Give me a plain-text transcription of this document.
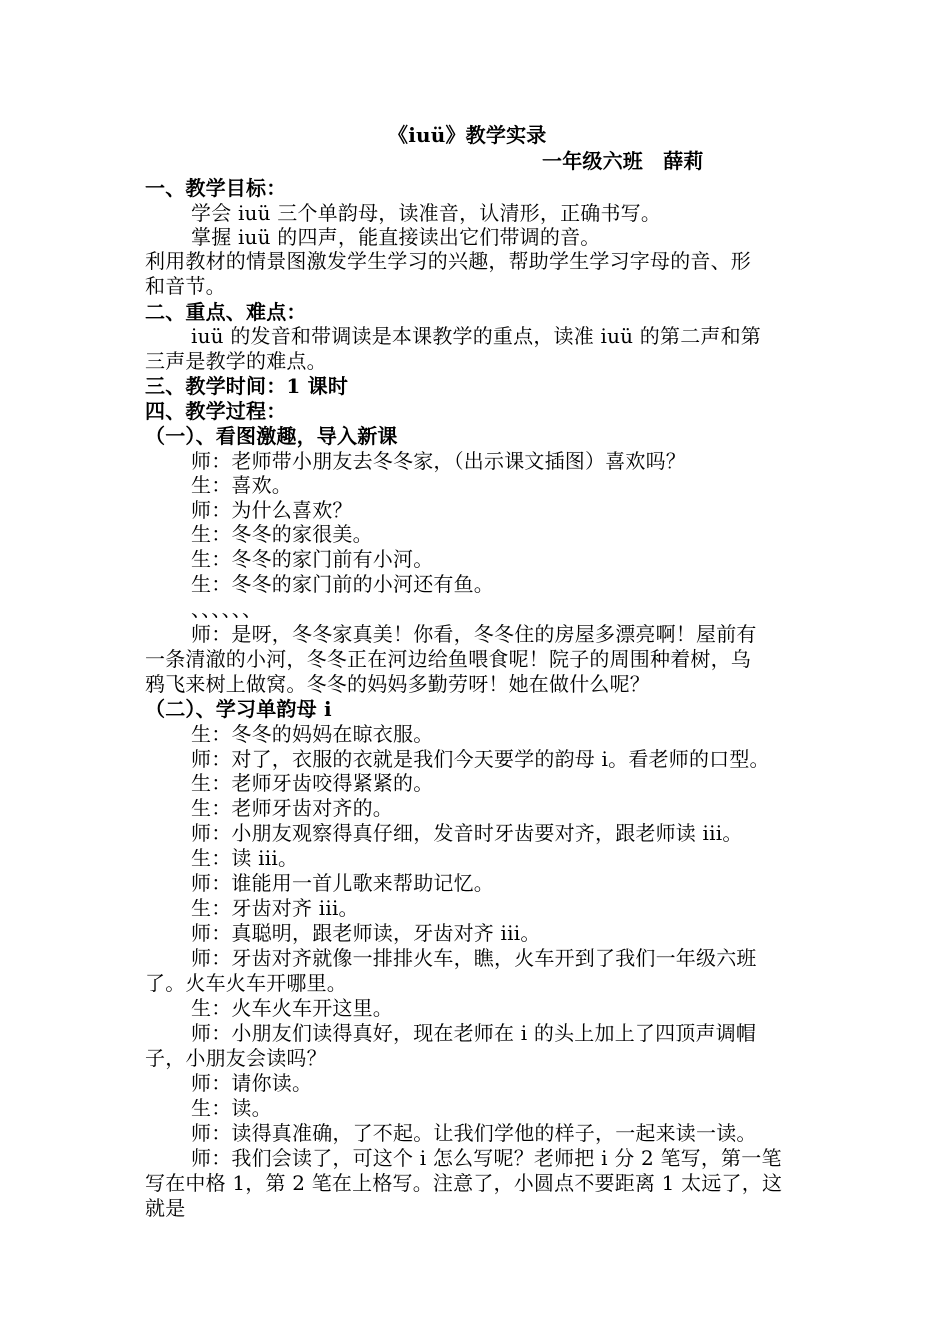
《iuü》教学实录
一年级六班　薛莉
一、教学目标：
学会 iuü 三个单韵母，读准音，认清形，正确书写。
掌握 iuü 的四声，能直接读出它们带调的音。
利用教材的情景图激发学生学习的兴趣，帮助学生学习字母的音、形
和音节。
二、重点、难点：
iuü 的发音和带调读是本课教学的重点，读准 iuü 的第二声和第
三声是教学的难点。
三、教学时间：1 课时
四、教学过程：
（一）、看图激趣，导入新课
师：老师带小朋友去冬冬家，（出示课文插图）喜欢吗？
生：喜欢。
师：为什么喜欢？
生：冬冬的家很美。
生：冬冬的家门前有小河。
生：冬冬的家门前的小河还有鱼。
、、、、、、
师：是呀，冬冬家真美！你看，冬冬住的房屋多漂亮啊！屋前有
一条清澈的小河，冬冬正在河边给鱼喂食呢！院子的周围种着树，乌
鸦飞来树上做窝。冬冬的妈妈多勤劳呀！她在做什么呢？
（二）、学习单韵母 i
生：冬冬的妈妈在晾衣服。
师：对了，衣服的衣就是我们今天要学的韵母 i。看老师的口型。
生：老师牙齿咬得紧紧的。
生：老师牙齿对齐的。
师：小朋友观察得真仔细，发音时牙齿要对齐，跟老师读 iii。
生：读 iii。
师：谁能用一首儿歌来帮助记忆。
生：牙齿对齐 iii。
师：真聪明，跟老师读，牙齿对齐 iii。
师：牙齿对齐就像一排排火车，瞧，火车开到了我们一年级六班
了。火车火车开哪里。
生：火车火车开这里。
师：小朋友们读得真好，现在老师在 i 的头上加上了四顶声调帽
子，小朋友会读吗？
师：请你读。
生：读。
师：读得真准确，了不起。让我们学他的样子，一起来读一读。
师：我们会读了，可这个 i 怎么写呢？老师把 i 分 2 笔写，第一笔
写在中格 1，第 2 笔在上格写。注意了，小圆点不要距离 1 太远了，这
就是
